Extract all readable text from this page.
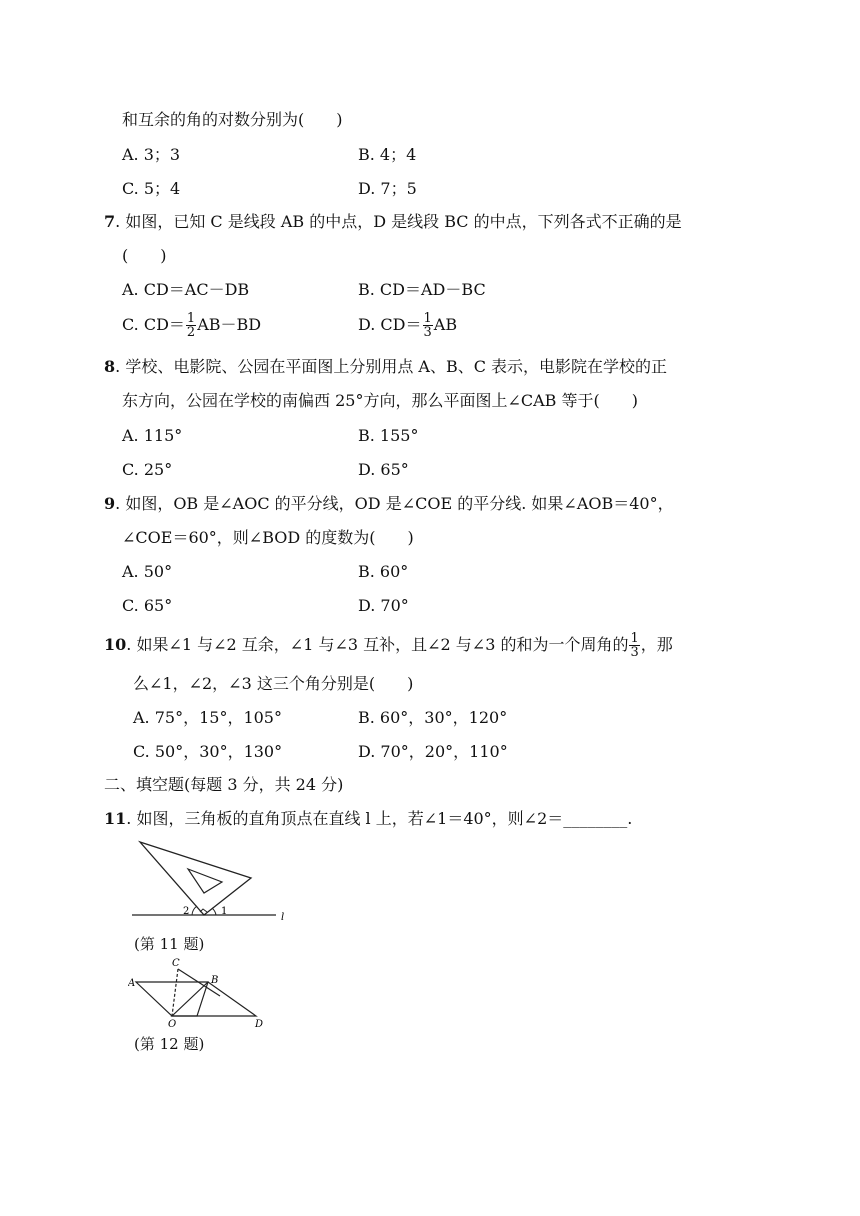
和互余的角的对数分别为(　　)
A. 3；3	B. 4；4
C. 5；4	D. 7；5
7. 如图，已知 C 是线段 AB 的中点，D 是线段 BC 的中点，下列各式不正确的是
(　　)
A. CD＝AC－DB	B. CD＝AD－BC
C. $CD= \frac{1}{2} AB-BD$	D. $CD= \frac{1}{3}$ AB
8. 学校、电影院、公园在平面图上分别用点 A、B、C 表示，电影院在学校的正
东方向，公园在学校的南偏西 25°方向，那么平面图上∠CAB 等于(　　)
A. 115°	B. 155°
C. 25°	D. 65°
9. 如图，OB 是∠AOC 的平分线，OD 是∠COE 的平分线. 如果∠AOB＝40°，
∠COE＝60°，则∠BOD 的度数为(　　)
A. 50°	B. 60°
C. 65°	D. 70°
10. 如果∠1 与∠2 互余，∠1 与∠3 互补，且∠2 与∠3 的和为一个周角的 $\frac{1}{3}$ ，那
么∠1，∠2，∠3 这三个角分别是(　　)
A. 75°，15°，105°	B. 60°，30°，120°
C. 50°，30°，130°	D. 70°，20°，110°
二、填空题(每题 3 分，共 24 分)
11. 如图，三角板的直角顶点在直线 l 上，若∠1＝40°，则∠2＝________.
2	1
l
(第 11 题)
A
C
B
O	D
(第 12 题)
